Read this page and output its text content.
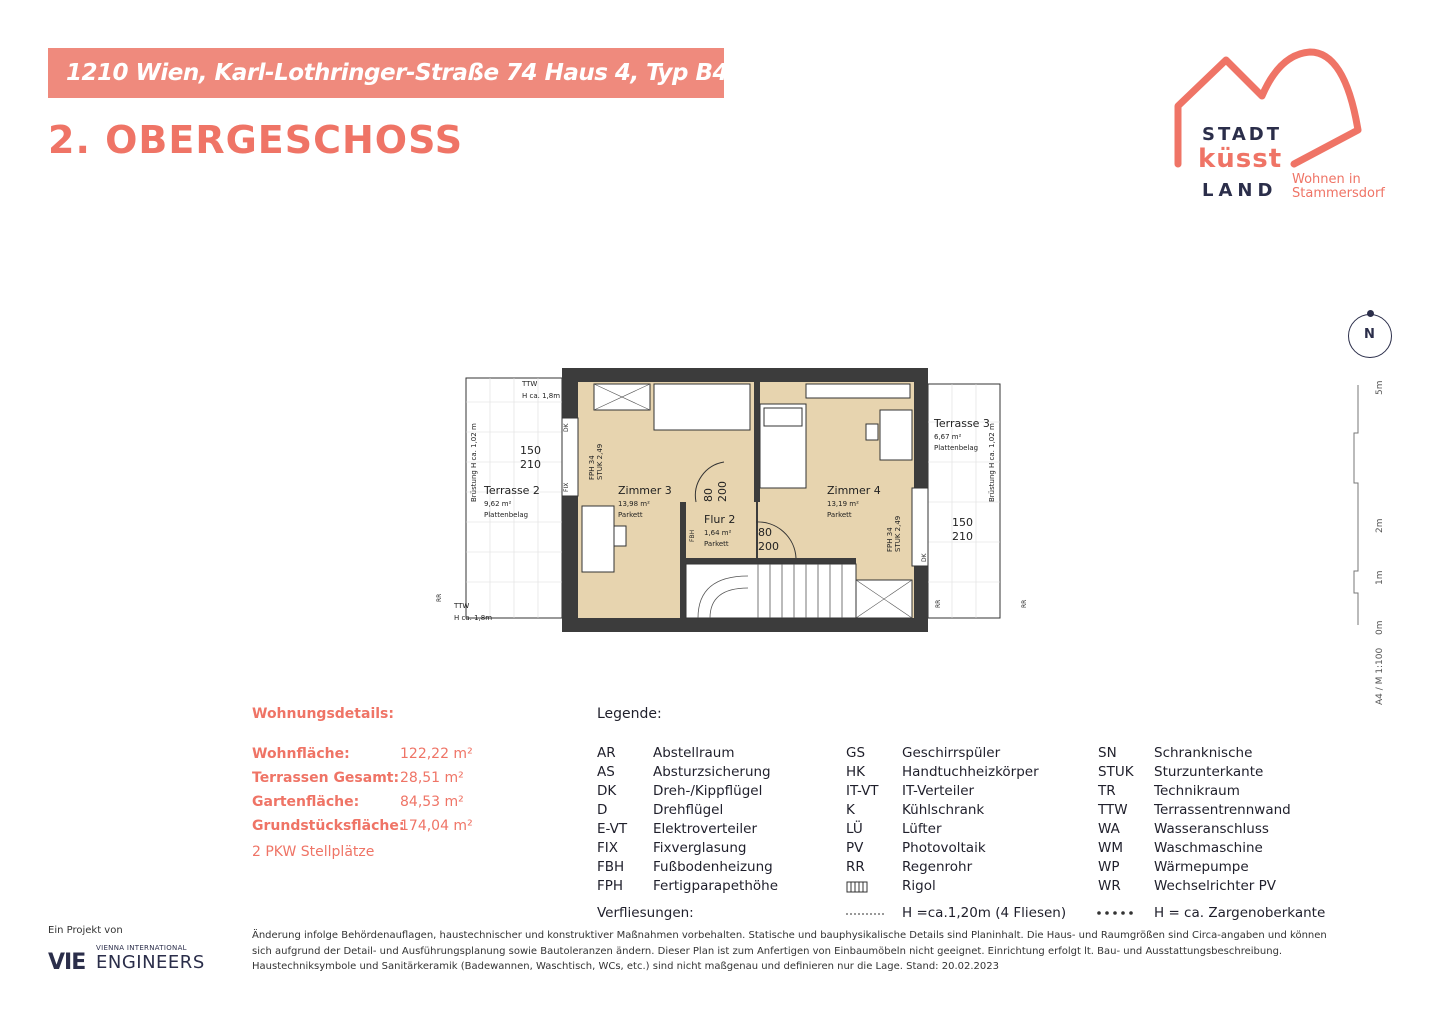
1210 Wien, Karl-Lothringer-Straße 74 Haus 4, Typ B4
2. OBERGESCHOSS	STADT
küsst
LAND
Wohnen in
Stammersdorf
N
5m
2m
1m
0m
A4 / M 1:100
TTW
H ca. 1,8m
TTW
H ca. 1,8m
Terrasse 2
9,62 m²
Plattenbelag
Zimmer 3
13,98 m²
Parkett	Flur 2
1,64 m²
Parkett
Zimmer 4
13,19 m²
Parkett
Terrasse 3
6,67 m²
Plattenbelag
150
210
150
210
80
200
80 200
Brüstung H ca. 1,02 m	Brüstung H ca. 1,02 m
FPH 34 STUK 2,49
FPH 34 STUK 2,49
FBH
DK
FIX
DK
RR
RR	RR
Wohnungsdetails:
Wohnfläche:	122,22 m²
Terrassen Gesamt: 28,51 m²
Gartenfläche:	84,53 m²
Grundstücksfläche:
174,04 m²
2 PKW Stellplätze
Legende:
AR	Abstellraum
AS	Absturzsicherung
DK	Dreh-/Kippflügel
D	Drehflügel
E-VT Elektroverteiler
FIX	Fixverglasung
FBH Fußbodenheizung
FPH Fertigparapethöhe
GS	Geschirrspüler
HK	Handtuchheizkörper
IT-VT IT-Verteiler
K	Kühlschrank
LÜ	Lüfter
PV	Photovoltaik
RR	Regenrohr
Rigol
SN	Schranknische
STUK Sturzunterkante
TR	Technikraum
TTW Terrassentrennwand
WA	Wasseranschluss
WM Waschmaschine
WP	Wärmepumpe
WR Wechselrichter PV
Verfliesungen:	H =ca.1,20m (4 Fliesen)	H = ca. Zargenoberkante
Ein Projekt von
VIE
VIENNA INTERNATIONAL
ENGINEERS
Änderung infolge Behördenauflagen, haustechnischer und konstruktiver Maßnahmen vorbehalten. Statische und bauphysikalische Details sind Planinhalt. Die Haus- und Raumgrößen sind Circa-angaben und können sich aufgrund der Detail- und Ausführungsplanung sowie Bautoleranzen ändern. Dieser Plan ist zum Anfertigen von Einbaumöbeln nicht geeignet. Einrichtung erfolgt lt. Bau- und Ausstattungsbeschreibung. Haustechniksymbole und Sanitärkeramik (Badewannen, Waschtisch, WCs, etc.) sind nicht maßgenau und definieren nur die Lage. Stand: 20.02.2023
